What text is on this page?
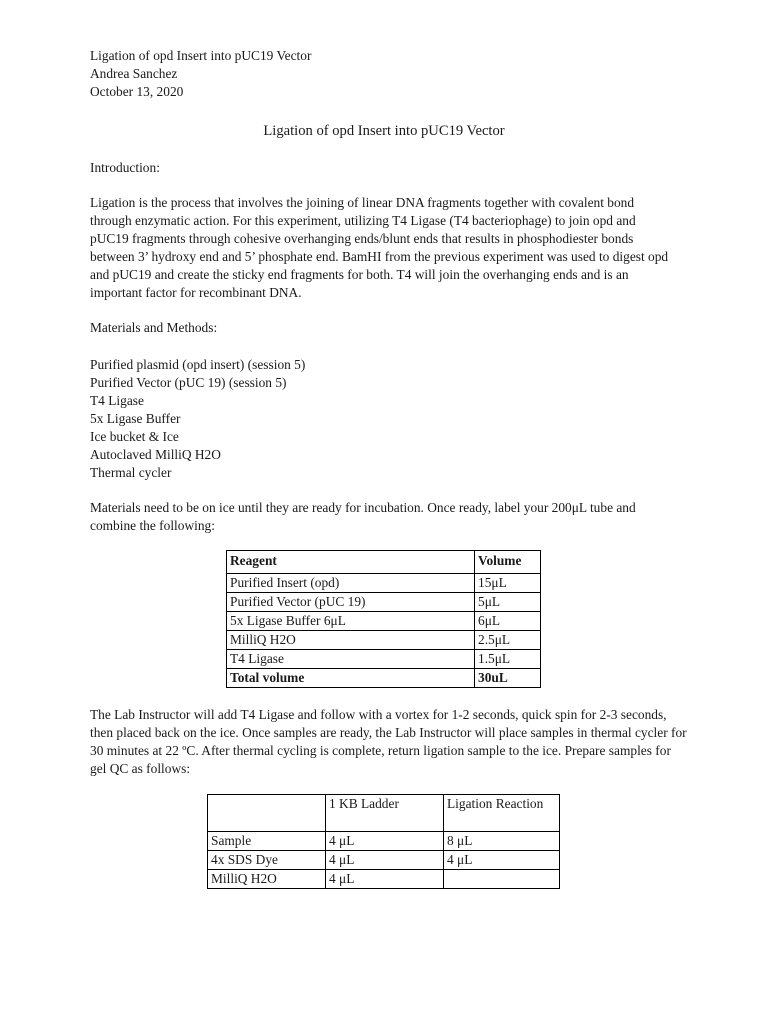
Ligation of opd Insert into pUC19 Vector
Andrea Sanchez
October 13, 2020
Ligation of opd Insert into pUC19 Vector
Introduction:
Ligation is the process that involves the joining of linear DNA fragments together with covalent bond through enzymatic action. For this experiment, utilizing T4 Ligase (T4 bacteriophage) to join opd and pUC19 fragments through cohesive overhanging ends/blunt ends that results in phosphodiester bonds between 3’ hydroxy end and 5’ phosphate end. BamHI from the previous experiment was used to digest opd and pUC19 and create the sticky end fragments for both. T4 will join the overhanging ends and is an important factor for recombinant DNA.
Materials and Methods:
Purified plasmid (opd insert) (session 5)
Purified Vector (pUC 19) (session 5)
T4 Ligase
5x Ligase Buffer
Ice bucket & Ice
Autoclaved MilliQ H2O
Thermal cycler
Materials need to be on ice until they are ready for incubation. Once ready, label your 200μL tube and combine the following:
Reagent	Volume
Purified Insert (opd)	15μL
Purified Vector (pUC 19)	5μL
5x Ligase Buffer 6μL	6μL
MilliQ H2O	2.5μL
T4 Ligase	1.5μL
Total volume	30uL
The Lab Instructor will add T4 Ligase and follow with a vortex for 1-2 seconds, quick spin for 2-3 seconds, then placed back on the ice. Once samples are ready, the Lab Instructor will place samples in thermal cycler for 30 minutes at 22 ºC. After thermal cycling is complete, return ligation sample to the ice. Prepare samples for gel QC as follows:
	1 KB Ladder	Ligation Reaction
Sample	4 μL	8 μL
4x SDS Dye	4 μL	4 μL
MilliQ H2O	4 μL	
